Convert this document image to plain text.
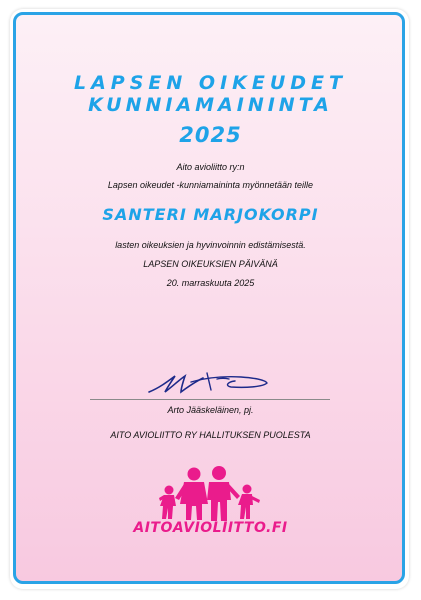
LAPSEN OIKEUDET
KUNNIAMAININTA
2025
Aito avioliitto ry:n
Lapsen oikeudet -kunniamaininta myönnetään teille
SANTERI MARJOKORPI
lasten oikeuksien ja hyvinvoinnin edistämisestä.
LAPSEN OIKEUKSIEN PÄIVÄNÄ
20. marraskuuta 2025
Arto Jääskeläinen, pj.
AITO AVIOLIITTO RY HALLITUKSEN PUOLESTA
AITOAVIOLIITTO.FI
